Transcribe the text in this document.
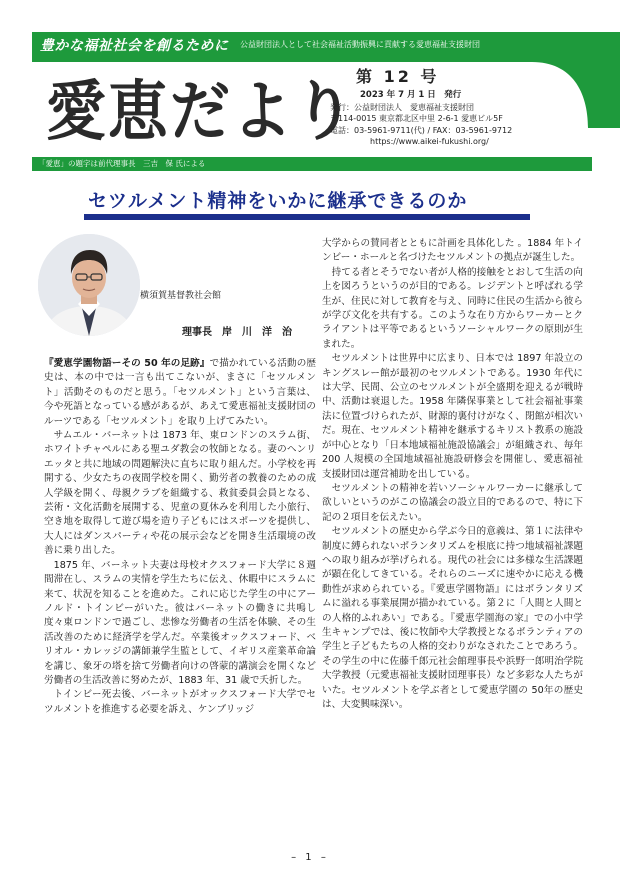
豊かな福祉社会を創るために 公益財団法人として社会福祉活動振興に貢献する愛恵福祉支援財団
愛恵だより 第 12 号
2023 年 7 月 1 日　発行
発行：公益財団法人　愛恵福祉支援財団
〒114-0015 東京都北区中里 2-6-1 愛恵ビル5F
電話：03-5961-9711(代) / FAX：03-5961-9712
https://www.aikei-fukushi.org/
「愛恵」の題字は前代理事長　三吉　保 氏による
セツルメント精神をいかに継承できるのか
横須賀基督教社会館
理事長　岸　川　洋　治

『愛恵学園物語ーその 50 年の足跡』で描かれている活動の歴史は、本の中では一言も出てこないが、まさに「セツルメント」活動そのものだと思う。「セツルメント」という言葉は、今や死語となっている感があるが、あえて愛恵福祉支援財団のルーツである「セツルメント」を取り上げてみたい。

サムエル・バーネットは 1873 年、東ロンドンのスラム街、ホワイトチャペルにある聖ユダ教会の牧師となる。妻のヘンリエッタと共に地域の問題解決に直ちに取り組んだ。小学校を再開する、少女たちの夜間学校を開く、勤労者の教養のための成人学級を開く、母親クラブを組織する、救貧委員会員となる、芸術・文化活動を展開する、児童の夏休みを利用した小旅行、空き地を取得して遊び場を造り子どもにはスポーツを提供し、大人にはダンスパーティや花の展示会などを開き生活環境の改善に乗り出した。

1875 年、バーネット夫妻は母校オクスフォード大学に８週間滞在し、スラムの実情を学生たちに伝え、休暇中にスラムに来て、状況を知ることを進めた。これに応じた学生の中にアーノルド・トインビーがいた。彼はバーネットの働きに共鳴し度々東ロンドンで過ごし、悲惨な労働者の生活を体験、その生活改善のために経済学を学んだ。卒業後オックスフォード、ベリオル・カレッジの講師兼学生監として、イギリス産業革命論を講じ、象牙の塔を捨て労働者向けの啓蒙的講演会を開くなど労働者の生活改善に努めたが、1883 年、31 歳で夭折した。

トインビー死去後、バーネットがオックスフォード大学でセツルメントを推進する必要を訴え、ケンブリッジ

大学からの賛同者とともに計画を具体化した 。1884 年トインビー・ホールと名づけたセツルメントの拠点が誕生した。

持てる者とそうでない者が人格的接触をとおして生活の向上を図ろうというのが目的である。レジデントと呼ばれる学生が、住民に対して教育を与え、同時に住民の生活から彼らが学び文化を共有する。このような在り方からワーカーとクライアントは平等であるというソーシャルワークの原則が生まれた。

セツルメントは世界中に広まり、日本では 1897 年設立のキングスレー館が最初のセツルメントである。1930 年代には大学、民間、公立のセツルメントが全盛期を迎えるが戦時中、活動は衰退した。1958 年隣保事業として社会福祉事業法に位置づけられたが、財源的裏付けがなく、閉館が相次いだ。現在、セツルメント精神を継承するキリスト教系の施設が中心となり「日本地域福祉施設協議会」が組織され、毎年 200 人規模の全国地域福祉施設研修会を開催し、愛恵福祉支援財団は運営補助を出している。

セツルメントの精神を若いソーシャルワーカーに継承して欲しいというのがこの協議会の設立目的であるので、特に下記の２項目を伝えたい。

セツルメントの歴史から学ぶ今日的意義は、第１に法律や制度に縛られないボランタリズムを根底に持つ地域福祉課題への取り組みが挙げられる。現代の社会には多様な生活課題が顕在化してきている。それらのニーズに速やかに応える機動性が求められている。『愛恵学園物語』にはボランタリズムに溢れる事業展開が描かれている。第２に「人間と人間との人格的ふれあい」である。『愛恵学園海の家』での小中学生キャンプでは、後に牧師や大学教授となるボランティアの学生と子どもたちの人格的交わりがなされたことであろう。その学生の中に佐藤千郎元社会館理事長や浜野一郎明治学院大学教授（元愛恵福祉支援財団理事長）など多彩な人たちがいた。セツルメントを学ぶ者として愛恵学園の 50年の歴史は、大変興味深い。

– 1 –
